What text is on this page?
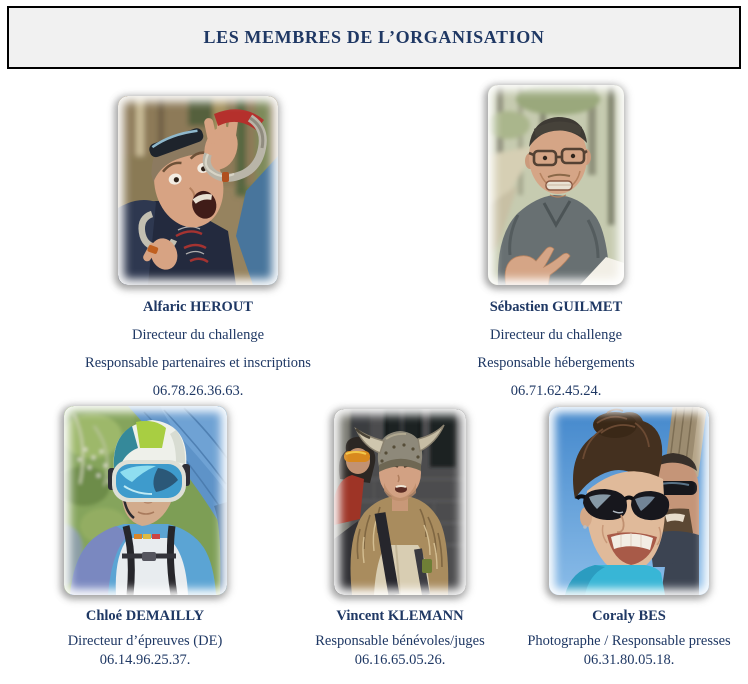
LES MEMBRES DE L’ORGANISATION

Alfaric HEROUT

Directeur du challenge

Responsable partenaires et inscriptions

06.78.26.36.63.

Sébastien GUILMET

Directeur du challenge

Responsable hébergements

06.71.62.45.24.

Chloé DEMAILLY

Directeur d’épreuves (DE)

06.14.96.25.37.

Vincent KLEMANN

Responsable bénévoles/juges

06.16.65.05.26.

Coraly BES

Photographe / Responsable presses

06.31.80.05.18.
